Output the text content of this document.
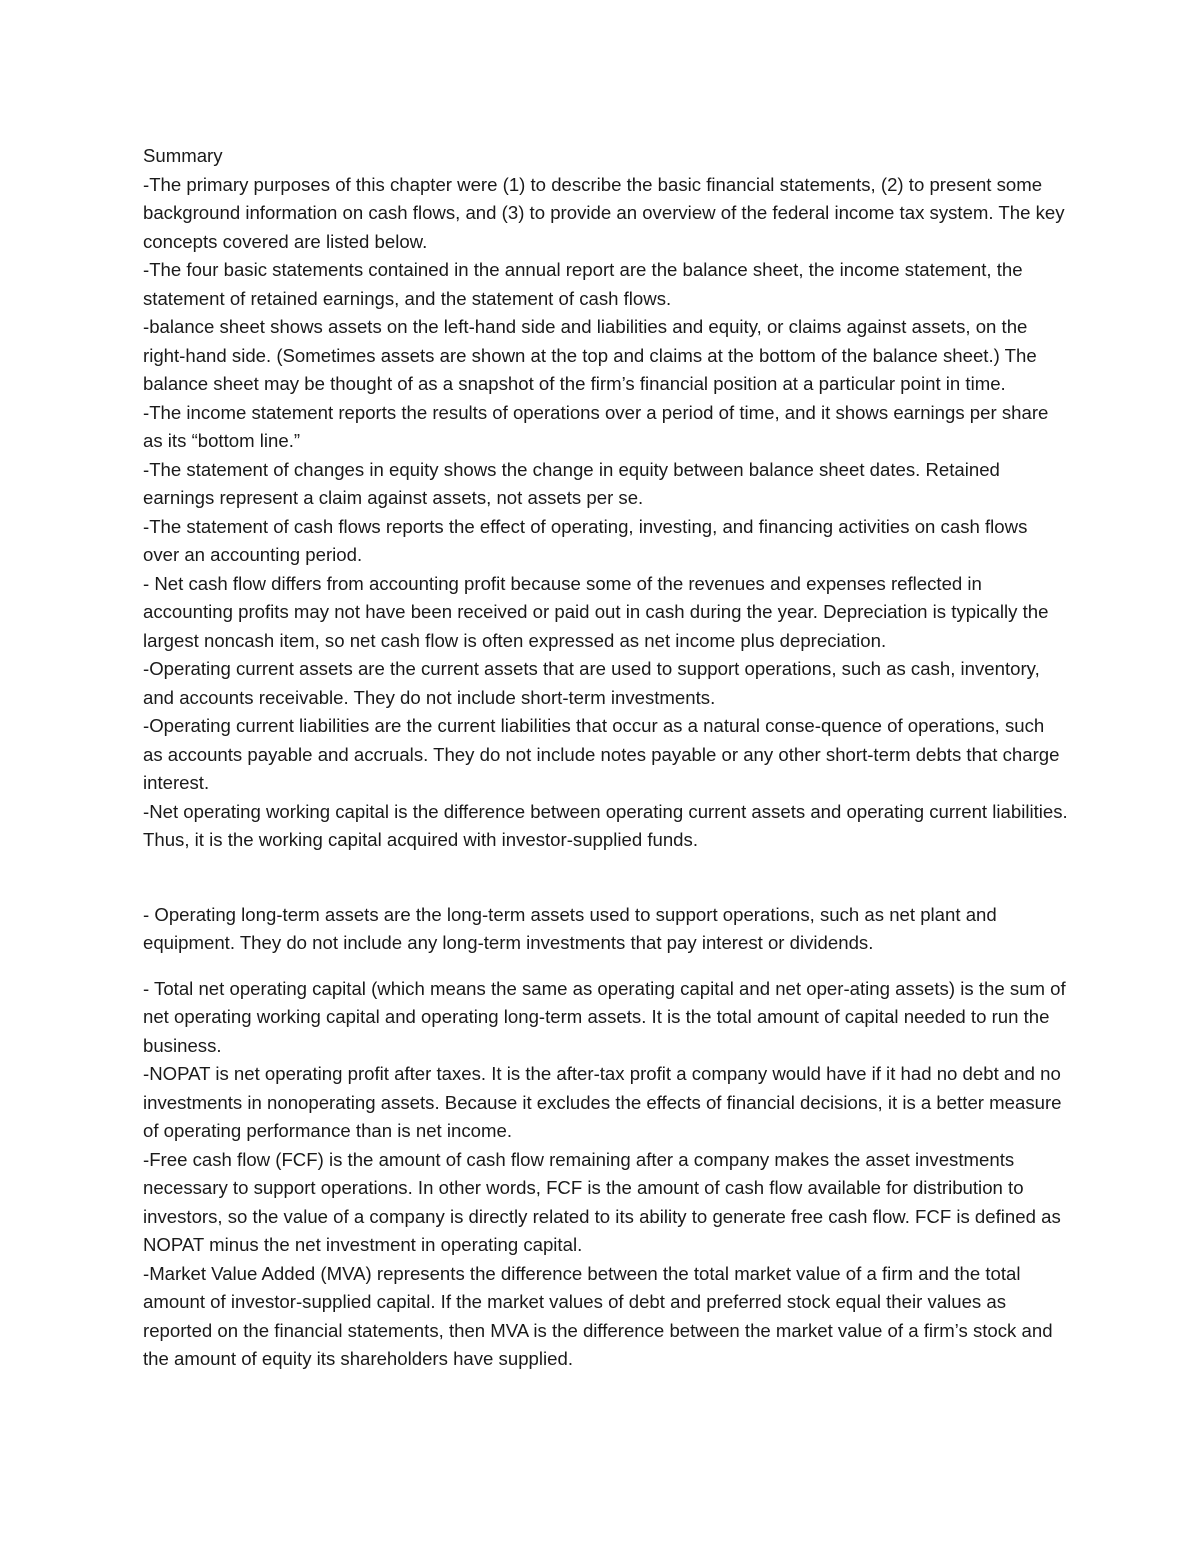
Summary

-The primary purposes of this chapter were (1) to describe the basic financial statements, (2) to present some background information on cash flows, and (3) to provide an overview of the federal income tax system. The key concepts covered are listed below.

-The four basic statements contained in the annual report are the balance sheet, the income statement, the statement of retained earnings, and the statement of cash flows.

-balance sheet shows assets on the left-hand side and liabilities and equity, or claims against assets, on the right-hand side. (Sometimes assets are shown at the top and claims at the bottom of the balance sheet.) The balance sheet may be thought of as a snapshot of the firm’s financial position at a particular point in time.

-The income statement reports the results of operations over a period of time, and it shows earnings per share as its “bottom line.”

-The statement of changes in equity shows the change in equity between balance sheet dates. Retained earnings represent a claim against assets, not assets per se.

-The statement of cash flows reports the effect of operating, investing, and financing activities on cash flows over an accounting period.

- Net cash flow differs from accounting profit because some of the revenues and expenses reflected in accounting profits may not have been received or paid out in cash during the year. Depreciation is typically the largest noncash item, so net cash flow is often expressed as net income plus depreciation.

-Operating current assets are the current assets that are used to support operations, such as cash, inventory, and accounts receivable. They do not include short-term investments.

-Operating current liabilities are the current liabilities that occur as a natural conse-quence of operations, such as accounts payable and accruals. They do not include notes payable or any other short-term debts that charge interest.

-Net operating working capital is the difference between operating current assets and operating current liabilities. Thus, it is the working capital acquired with investor-supplied funds.

- Operating long-term assets are the long-term assets used to support operations, such as net plant and equipment. They do not include any long-term investments that pay interest or dividends.

- Total net operating capital (which means the same as operating capital and net oper-ating assets) is the sum of net operating working capital and operating long-term assets. It is the total amount of capital needed to run the business.

-NOPAT is net operating profit after taxes. It is the after-tax profit a company would have if it had no debt and no investments in nonoperating assets. Because it excludes the effects of financial decisions, it is a better measure of operating performance than is net income.

-Free cash flow (FCF) is the amount of cash flow remaining after a company makes the asset investments necessary to support operations. In other words, FCF is the amount of cash flow available for distribution to investors, so the value of a company is directly related to its ability to generate free cash flow. FCF is defined as NOPAT minus the net investment in operating capital.

-Market Value Added (MVA) represents the difference between the total market value of a firm and the total amount of investor-supplied capital. If the market values of debt and preferred stock equal their values as reported on the financial statements, then MVA is the difference between the market value of a firm’s stock and the amount of equity its shareholders have supplied.
